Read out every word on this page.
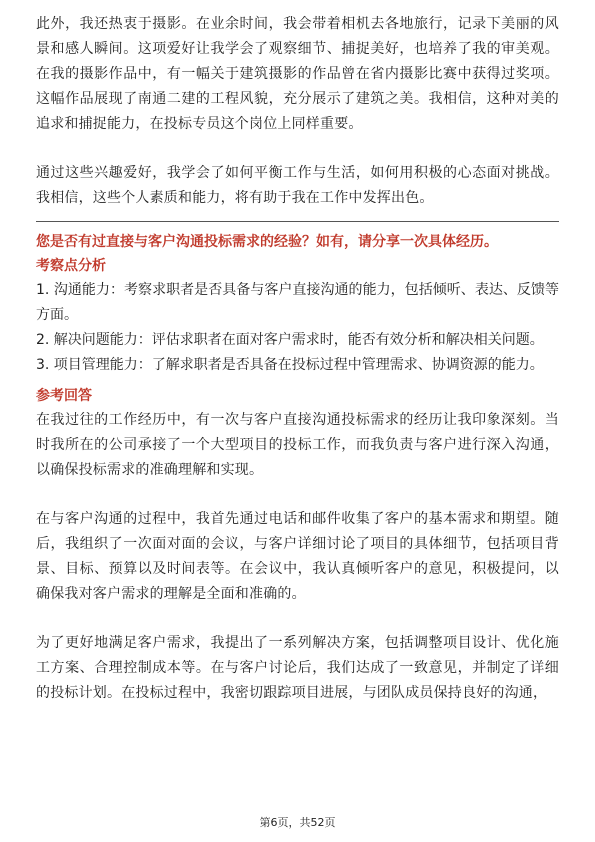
此外，我还热衷于摄影。在业余时间，我会带着相机去各地旅行，记录下美丽的风景和感人瞬间。这项爱好让我学会了观察细节、捕捉美好，也培养了我的审美观。在我的摄影作品中，有一幅关于建筑摄影的作品曾在省内摄影比赛中获得过奖项。这幅作品展现了南通二建的工程风貌，充分展示了建筑之美。我相信，这种对美的追求和捕捉能力，在投标专员这个岗位上同样重要。

通过这些兴趣爱好，我学会了如何平衡工作与生活，如何用积极的心态面对挑战。我相信，这些个人素质和能力，将有助于我在工作中发挥出色。

您是否有过直接与客户沟通投标需求的经验？如有，请分享一次具体经历。

考察点分析

1. 沟通能力：考察求职者是否具备与客户直接沟通的能力，包括倾听、表达、反馈等方面。

2. 解决问题能力：评估求职者在面对客户需求时，能否有效分析和解决相关问题。

3. 项目管理能力：了解求职者是否具备在投标过程中管理需求、协调资源的能力。

参考回答

在我过往的工作经历中，有一次与客户直接沟通投标需求的经历让我印象深刻。当时我所在的公司承接了一个大型项目的投标工作，而我负责与客户进行深入沟通，以确保投标需求的准确理解和实现。

在与客户沟通的过程中，我首先通过电话和邮件收集了客户的基本需求和期望。随后，我组织了一次面对面的会议，与客户详细讨论了项目的具体细节，包括项目背景、目标、预算以及时间表等。在会议中，我认真倾听客户的意见，积极提问，以确保我对客户需求的理解是全面和准确的。

为了更好地满足客户需求，我提出了一系列解决方案，包括调整项目设计、优化施工方案、合理控制成本等。在与客户讨论后，我们达成了一致意见，并制定了详细的投标计划。在投标过程中，我密切跟踪项目进展，与团队成员保持良好的沟通，

第6页，共52页
